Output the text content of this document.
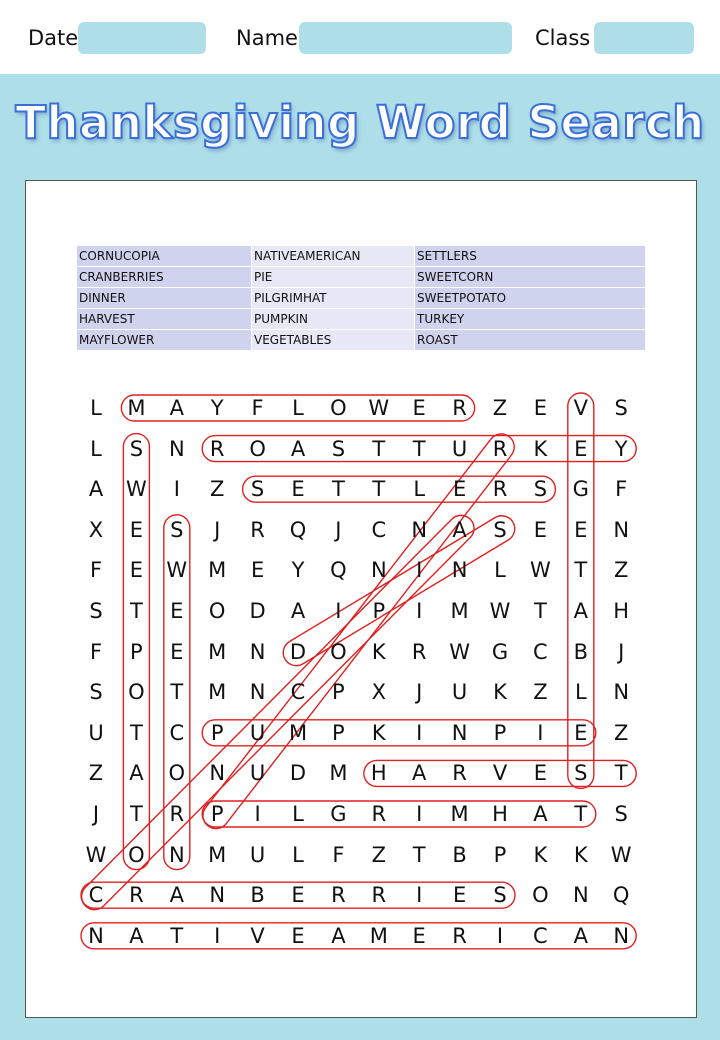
Date	Name	Class
Thanksgiving Word Search
CORNUCOPIA	NATIVEAMERICAN	SETTLERS
CRANBERRIES	PIE	SWEETCORN
DINNER	PILGRIMHAT	SWEETPOTATO
HARVEST	PUMPKIN	TURKEY
MAYFLOWER	VEGETABLES	ROAST
L	M	A	Y	F	L	O	W	E	R	Z	E	V	S
L	S	N	R	O	A	S	T	T	U	R	K	E	Y
A	W	I	Z	S	E	T	T	L	E	R	S	G	F
X	E	S	J	R	Q	J	C	N	A	S	E	E	N
F	E	W M	E	Y	Q	N	I	N	L	W	T	Z
S	T	E	O	D	A	I	P	I	M W	T	A	H
F	P	E	M	N	D	O	K	R	W	G	C	B	J
S	O	T	M	N	C	P	X	J	U	K	Z	L	N
U	T	C	P	U	M	P	K	I	N	P	I	E	Z
Z	A	O	N	U	D	M	H	A	R	V	E	S	T
J	T	R	P	I	L	G	R	I	M	H	A	T	S
W	O	N	M	U	L	F	Z	T	B	P	K	K	W
C	R	A	N	B	E	R	R	I	E	S	O	N	Q
N	A	T	I	V	E	A	M	E	R	I	C	A	N
